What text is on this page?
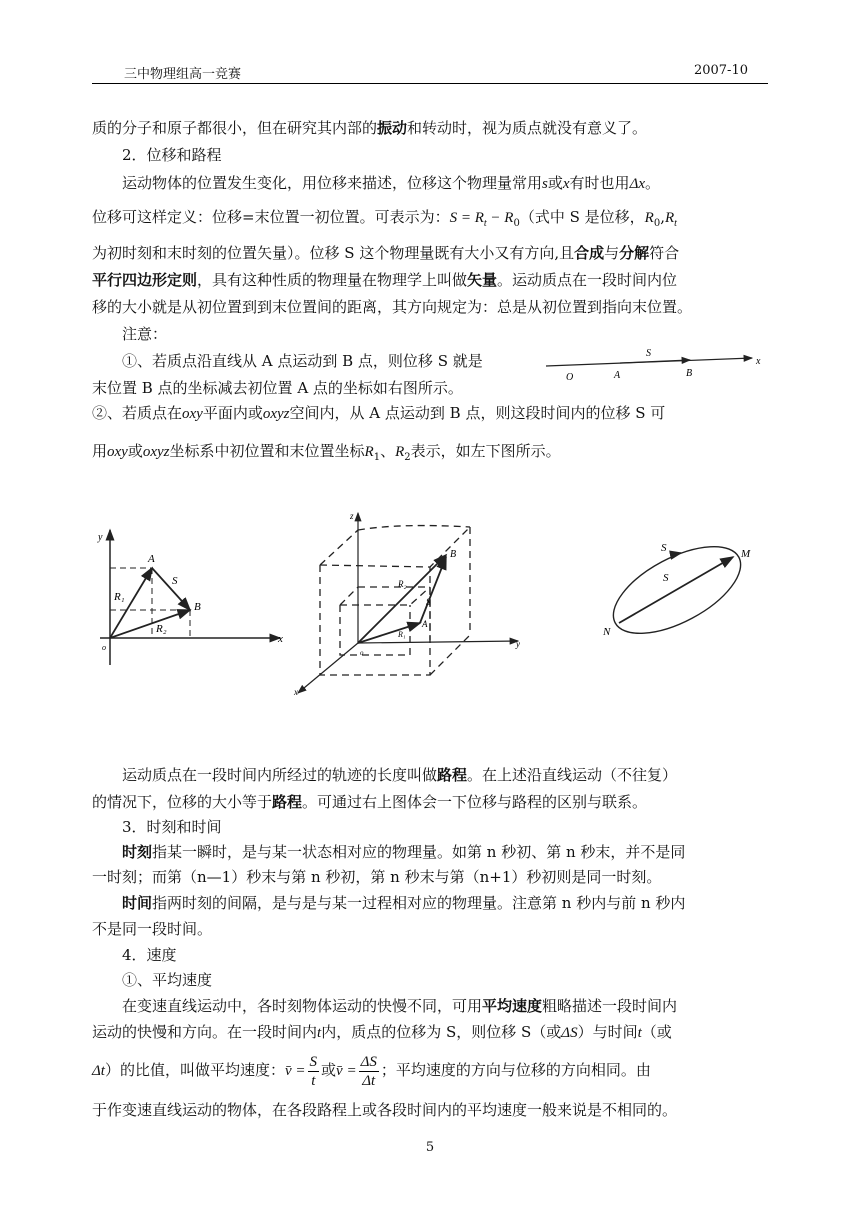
三中物理组高一竞赛	2007-10
质的分子和原子都很小，但在研究其内部的振动和转动时，视为质点就没有意义了。
2．位移和路程
运动物体的位置发生变化，用位移来描述，位移这个物理量常用s或x有时也用Δx。
位移可这样定义：位移=末位置一初位置。可表示为：$S = R_t - R_0$（式中 S 是位移，$R_0,R_t$
为初时刻和末时刻的位置矢量）。位移 S 这个物理量既有大小又有方向,且合成与分解符合
平行四边形定则，具有这种性质的物理量在物理学上叫做矢量。运动质点在一段时间内位
移的大小就是从初位置到到末位置间的距离，其方向规定为：总是从初位置到指向末位置。
注意：
①、若质点沿直线从 A 点运动到 B 点，则位移 S 就是
末位置 B 点的坐标减去初位置 A 点的坐标如右图所示。
②、若质点在oxy平面内或oxyz空间内，从 A 点运动到 B 点，则这段时间内的位移 S 可
用oxy或oxyz坐标系中初位置和末位置坐标$R_1$、$R_2$表示，如左下图所示。
O	A	B
S
x
y
A
S
R₁
B
R₂
o
x
z
B
R₂
S
R₁
A
o
y
x
S	M
S
N
运动质点在一段时间内所经过的轨迹的长度叫做路程。在上述沿直线运动（不往复）
的情况下，位移的大小等于路程。可通过右上图体会一下位移与路程的区别与联系。
3．时刻和时间
时刻指某一瞬时，是与某一状态相对应的物理量。如第 n 秒初、第 n 秒末，并不是同
一时刻；而第（n—1）秒末与第 n 秒初，第 n 秒末与第（n+1）秒初则是同一时刻。
时间指两时刻的间隔，是与是与某一过程相对应的物理量。注意第 n 秒内与前 n 秒内
不是同一段时间。
4．速度
①、平均速度
在变速直线运动中，各时刻物体运动的快慢不同，可用平均速度粗略描述一段时间内
运动的快慢和方向。在一段时间内t内，质点的位移为 S，则位移 S（或ΔS）与时间t（或
Δt）的比值，叫做平均速度：v̄ = $\frac{S}{t}$ 或v̄ = $\frac{\Delta S}{\Delta t}$ ；平均速度的方向与位移的方向相同。由
于作变速直线运动的物体，在各段路程上或各段时间内的平均速度一般来说是不相同的。
5
